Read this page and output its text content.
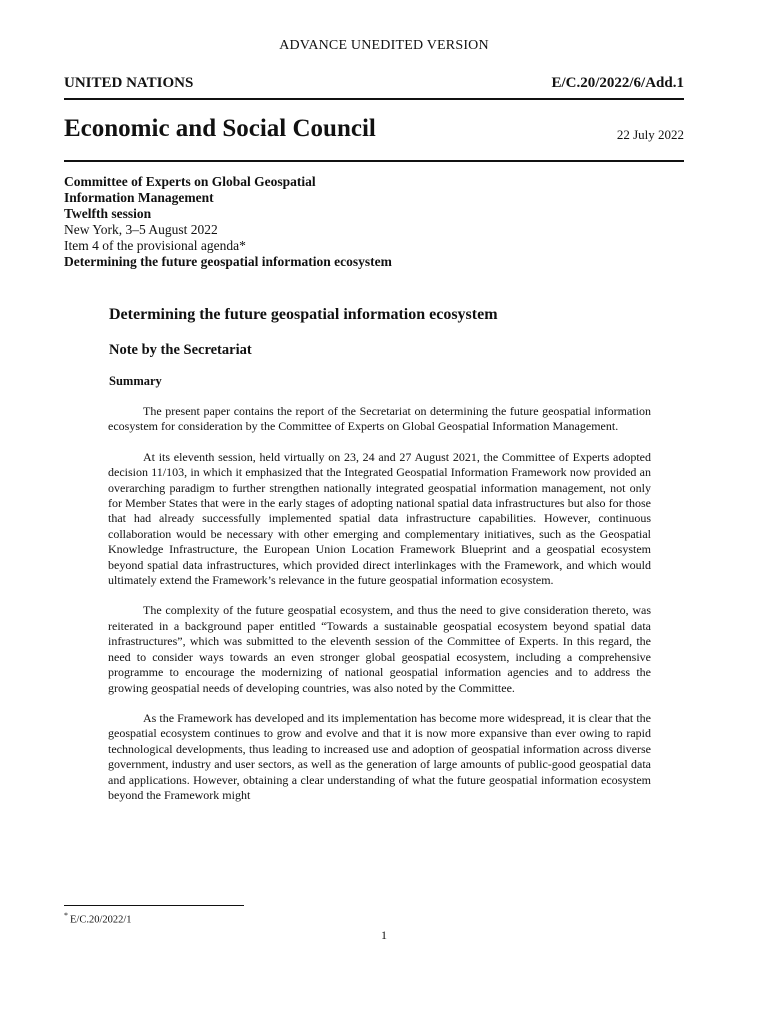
ADVANCE UNEDITED VERSION
UNITED NATIONS	E/C.20/2022/6/Add.1
Economic and Social Council	22 July 2022
Committee of Experts on Global Geospatial
Information Management
Twelfth session
New York, 3–5 August 2022
Item 4 of the provisional agenda*
Determining the future geospatial information ecosystem
Determining the future geospatial information ecosystem
Note by the Secretariat
Summary

The present paper contains the report of the Secretariat on determining the future geospatial information ecosystem for consideration by the Committee of Experts on Global Geospatial Information Management.

At its eleventh session, held virtually on 23, 24 and 27 August 2021, the Committee of Experts adopted decision 11/103, in which it emphasized that the Integrated Geospatial Information Framework now provided an overarching paradigm to further strengthen nationally integrated geospatial information management, not only for Member States that were in the early stages of adopting national spatial data infrastructures but also for those that had already successfully implemented spatial data infrastructure capabilities. However, continuous collaboration would be necessary with other emerging and complementary initiatives, such as the Geospatial Knowledge Infrastructure, the European Union Location Framework Blueprint and a geospatial ecosystem beyond spatial data infrastructures, which provided direct interlinkages with the Framework, and which would ultimately extend the Framework’s relevance in the future geospatial information ecosystem.

The complexity of the future geospatial ecosystem, and thus the need to give consideration thereto, was reiterated in a background paper entitled “Towards a sustainable geospatial ecosystem beyond spatial data infrastructures”, which was submitted to the eleventh session of the Committee of Experts. In this regard, the need to consider ways towards an even stronger global geospatial ecosystem, including a comprehensive programme to encourage the modernizing of national geospatial information agencies and to address the growing geospatial needs of developing countries, was also noted by the Committee.

As the Framework has developed and its implementation has become more widespread, it is clear that the geospatial ecosystem continues to grow and evolve and that it is now more expansive than ever owing to rapid technological developments, thus leading to increased use and adoption of geospatial information across diverse government, industry and user sectors, as well as the generation of large amounts of public-good geospatial data and applications. However, obtaining a clear understanding of what the future geospatial information ecosystem beyond the Framework might

* E/C.20/2022/1
1
